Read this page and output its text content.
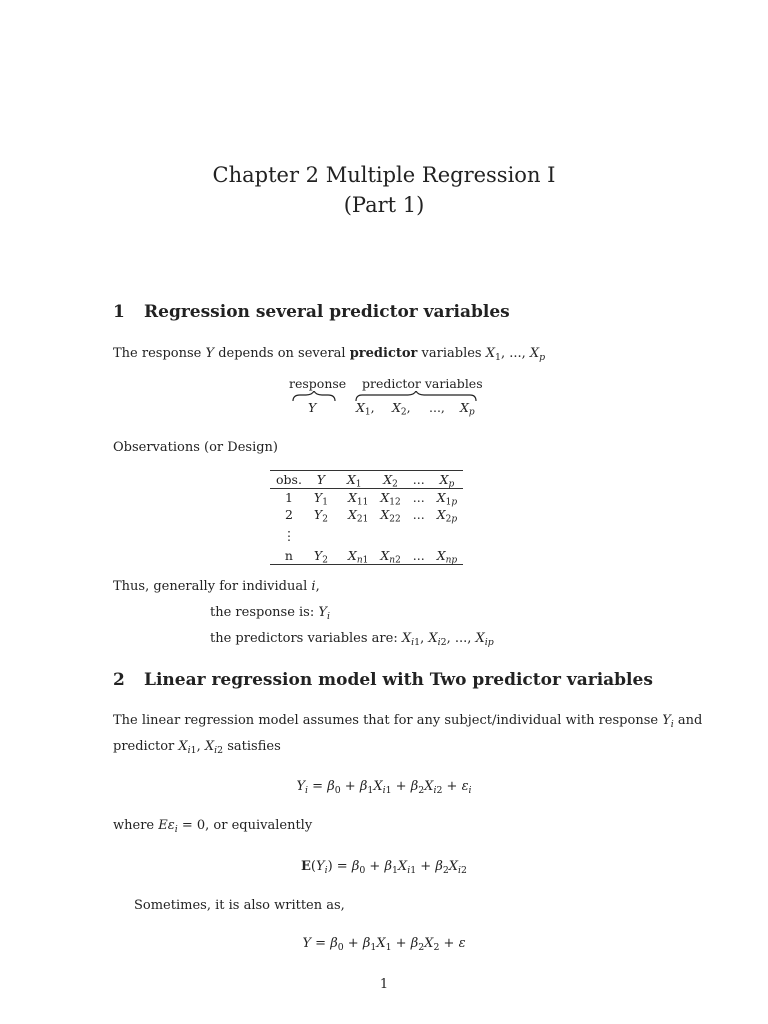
Chapter 2 Multiple Regression I
(Part 1)
1 Regression several predictor variables
The response Y depends on several predictor variables $X_1$, ..., $X_p$
response predictor variables
Y	$X_1$, $X_2$, ..., $X_p$
Observations (or Design)
obs.	Y	$X_1$	$X_2$	...	$X_p$
1	$Y_1$	$X_{11}$	$X_{12}$	...	$X_{1p}$
2	$Y_2$	$X_{21}$	$X_{22}$	...	$X_{2p}$
⋮					
n	$Y_2$	$X_{n1}$	$X_{n2}$	...	$X_{np}$
Thus, generally for individual i,
the response is: $Y_i$
the predictors variables are: $X_{i1}$, $X_{i2}$, ..., $X_{ip}$
2 Linear regression model with Two predictor variables
The linear regression model assumes that for any subject/individual with response $Y_i$ and
predictor $X_{i1}$, $X_{i2}$ satisfies
$Y_i = \beta_0 + \beta_1X_{i1} + \beta_2X_{i2} + \varepsilon_i$
where $E\varepsilon_i = 0$, or equivalently
$E(Y_i) = \beta_0 + \beta_1X_{i1} + \beta_2X_{i2}$
Sometimes, it is also written as,
$Y = \beta_0 + \beta_1X_1 + \beta_2X_2 + \varepsilon$
1
